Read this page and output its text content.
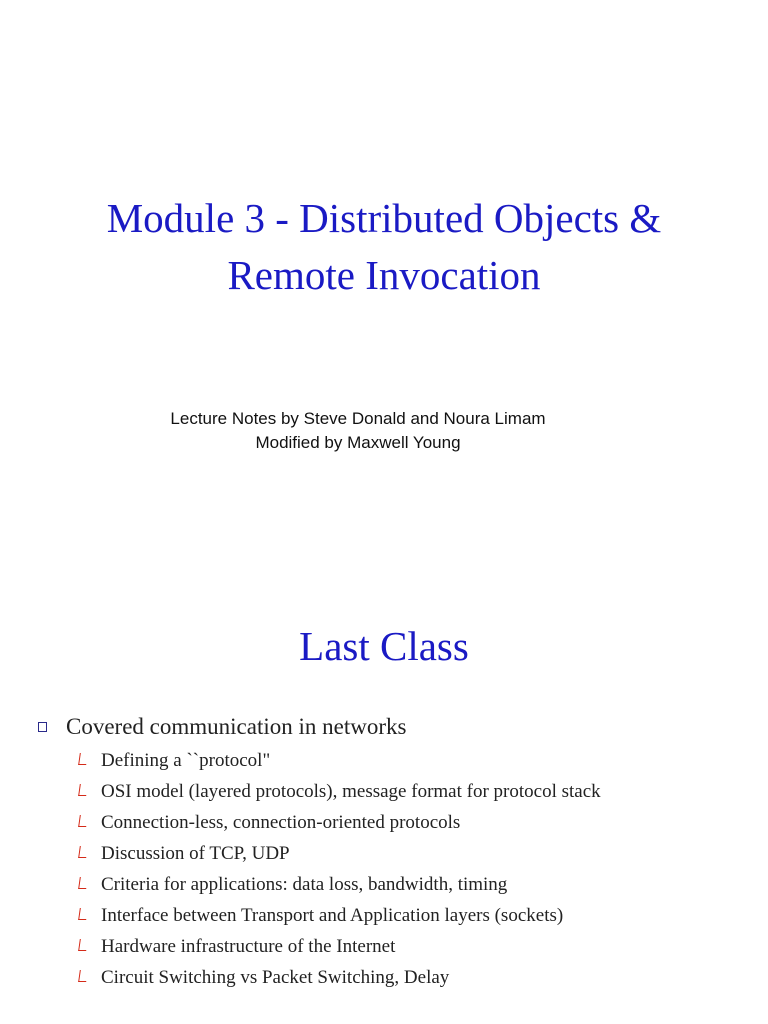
Module 3 - Distributed Objects &
Remote Invocation
Lecture Notes by Steve Donald and Noura Limam
Modified by Maxwell Young
Last Class
Covered communication in networks
Defining a ``protocol"
OSI model (layered protocols), message format for protocol stack
Connection-less, connection-oriented protocols
Discussion of TCP, UDP
Criteria for applications: data loss, bandwidth, timing
Interface between Transport and Application layers (sockets)
Hardware infrastructure of the Internet
Circuit Switching vs Packet Switching, Delay
